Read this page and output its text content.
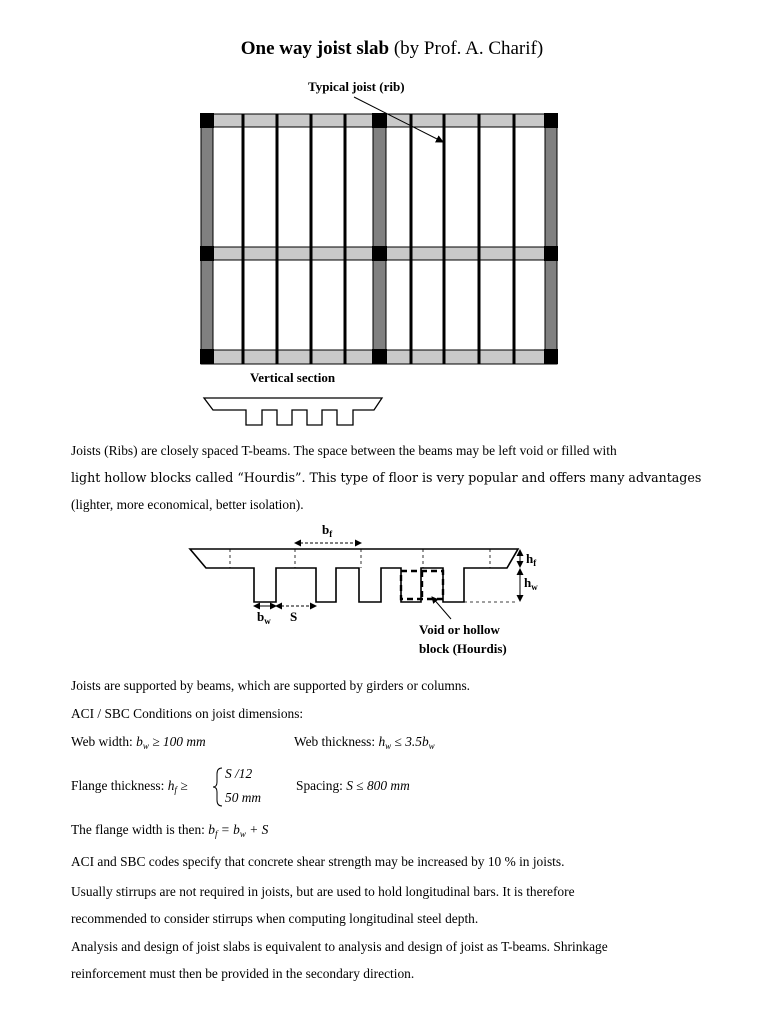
One way joist slab (by Prof. A. Charif)
Typical joist (rib)
Vertical section
Joists (Ribs) are closely spaced T-beams. The space between the beams may be left void or filled with
light hollow blocks called “Hourdis”. This type of floor is very popular and offers many advantages
(lighter, more economical, better isolation).
$b_f$
$h_f$
$h_w$
$b_w$ S
Void or hollow
block (Hourdis)
Joists are supported by beams, which are supported by girders or columns.
ACI / SBC Conditions on joist dimensions:
Web width: $b_w \ge 100$ mm	Web thickness: $h_w \le 3.5b_w$
Flange thickness: $h_f$ ≥
S /12
50 mm
Spacing: S ≤ 800 mm
The flange width is then: $b_f = b_w + S$
ACI and SBC codes specify that concrete shear strength may be increased by 10 % in joists.
Usually stirrups are not required in joists, but are used to hold longitudinal bars. It is therefore
recommended to consider stirrups when computing longitudinal steel depth.
Analysis and design of joist slabs is equivalent to analysis and design of joist as T-beams. Shrinkage
reinforcement must then be provided in the secondary direction.
